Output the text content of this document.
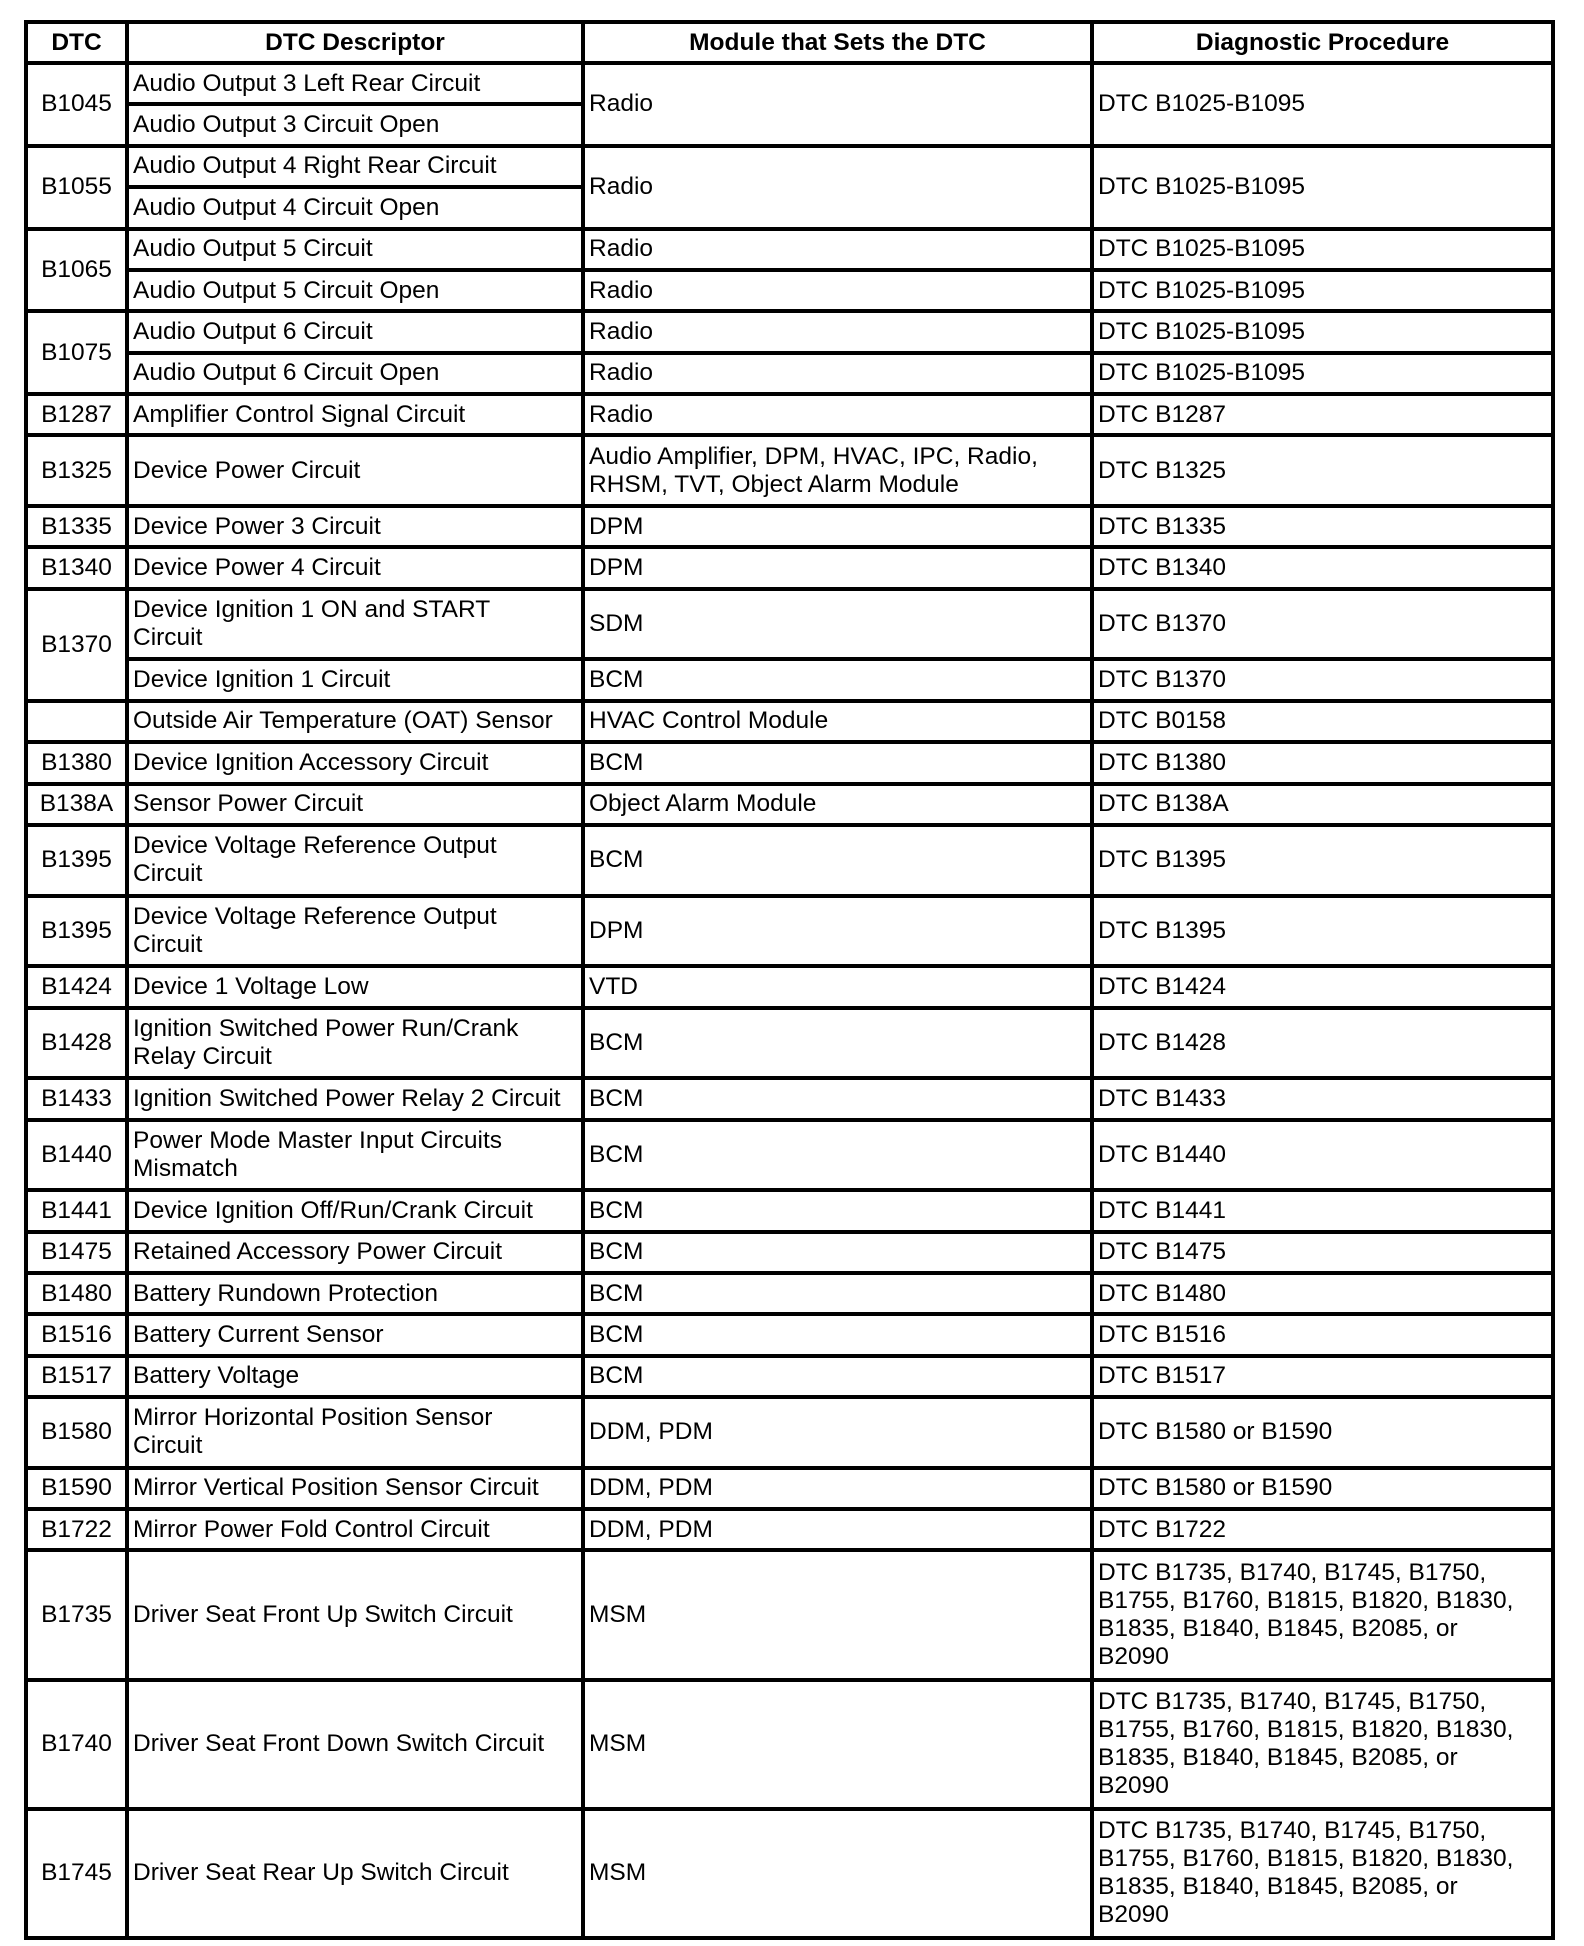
DTC	DTC Descriptor	Module that Sets the DTC	Diagnostic Procedure
B1045	Audio Output 3 Left Rear Circuit	Radio	DTC B1025-B1095
	Audio Output 3 Circuit Open		
B1055	Audio Output 4 Right Rear Circuit	Radio	DTC B1025-B1095
	Audio Output 4 Circuit Open		
B1065	Audio Output 5 Circuit	Radio	DTC B1025-B1095
	Audio Output 5 Circuit Open	Radio	DTC B1025-B1095
B1075	Audio Output 6 Circuit	Radio	DTC B1025-B1095
	Audio Output 6 Circuit Open	Radio	DTC B1025-B1095
B1287	Amplifier Control Signal Circuit	Radio	DTC B1287
B1325	Device Power Circuit	Audio Amplifier, DPM, HVAC, IPC, Radio,
RHSM, TVT, Object Alarm Module	DTC B1325
B1335	Device Power 3 Circuit	DPM	DTC B1335
B1340	Device Power 4 Circuit	DPM	DTC B1340
B1370	Device Ignition 1 ON and START
Circuit	SDM	DTC B1370
	Device Ignition 1 Circuit	BCM	DTC B1370
	Outside Air Temperature (OAT) Sensor	HVAC Control Module	DTC B0158
B1380	Device Ignition Accessory Circuit	BCM	DTC B1380
B138A	Sensor Power Circuit	Object Alarm Module	DTC B138A
B1395	Device Voltage Reference Output
Circuit	BCM	DTC B1395
B1395	Device Voltage Reference Output
Circuit	DPM	DTC B1395
B1424	Device 1 Voltage Low	VTD	DTC B1424
B1428	Ignition Switched Power Run/Crank
Relay Circuit	BCM	DTC B1428
B1433	Ignition Switched Power Relay 2 Circuit	BCM	DTC B1433
B1440	Power Mode Master Input Circuits
Mismatch	BCM	DTC B1440
B1441	Device Ignition Off/Run/Crank Circuit	BCM	DTC B1441
B1475	Retained Accessory Power Circuit	BCM	DTC B1475
B1480	Battery Rundown Protection	BCM	DTC B1480
B1516	Battery Current Sensor	BCM	DTC B1516
B1517	Battery Voltage	BCM	DTC B1517
B1580	Mirror Horizontal Position Sensor
Circuit	DDM, PDM	DTC B1580 or B1590
B1590	Mirror Vertical Position Sensor Circuit	DDM, PDM	DTC B1580 or B1590
B1722	Mirror Power Fold Control Circuit	DDM, PDM	DTC B1722
B1735	Driver Seat Front Up Switch Circuit	MSM	DTC B1735, B1740, B1745, B1750,
B1755, B1760, B1815, B1820, B1830,
B1835, B1840, B1845, B2085, or
B2090
B1740	Driver Seat Front Down Switch Circuit	MSM	DTC B1735, B1740, B1745, B1750,
B1755, B1760, B1815, B1820, B1830,
B1835, B1840, B1845, B2085, or
B2090
B1745	Driver Seat Rear Up Switch Circuit	MSM	DTC B1735, B1740, B1745, B1750,
B1755, B1760, B1815, B1820, B1830,
B1835, B1840, B1845, B2085, or
B2090
